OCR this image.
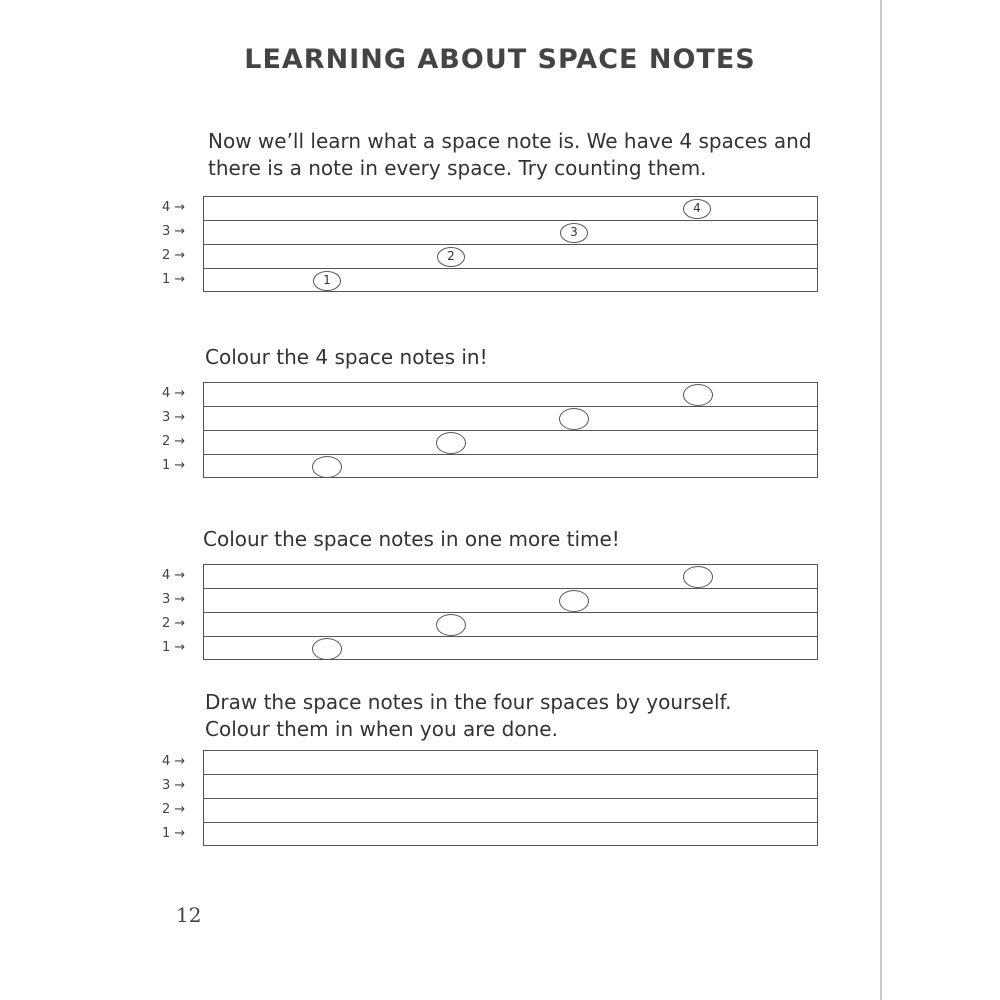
LEARNING ABOUT SPACE NOTES
Now we’ll learn what a space note is. We have 4 spaces and
there is a note in every space. Try counting them.
4 →
3 →
2 →
1 →	1
2
3
4
Colour the 4 space notes in!
4 →
3 →
2 →
1 →
Colour the space notes in one more time!
4 →
3 →
2 →
1 →
Draw the space notes in the four spaces by yourself.
Colour them in when you are done.
4 →
3 →
2 →
1 →
12
